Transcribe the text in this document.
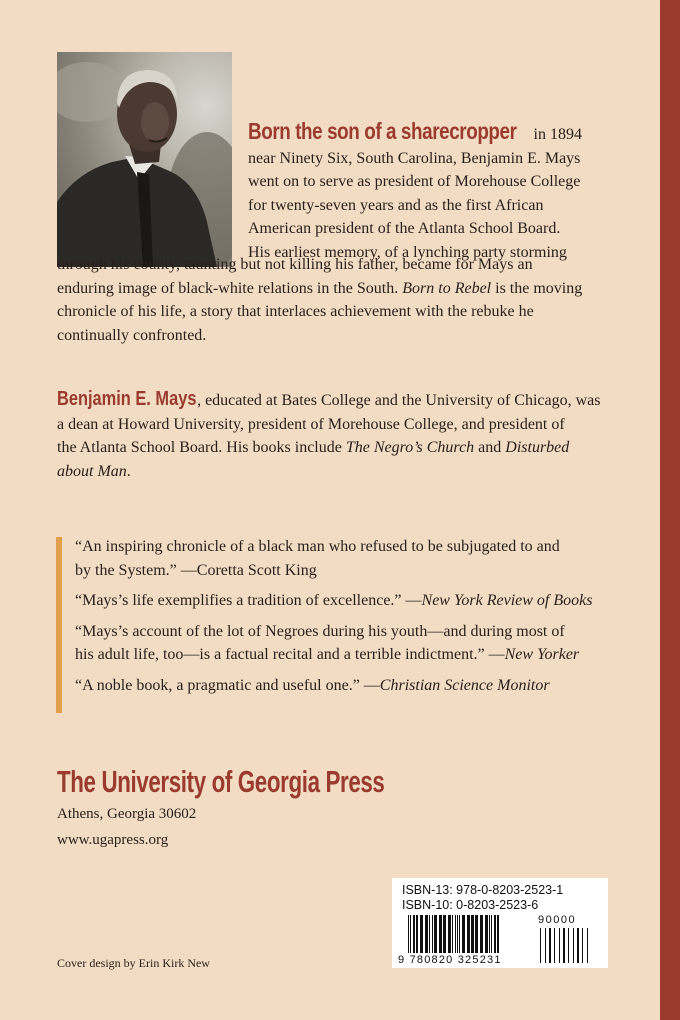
Born the son of a sharecropper in 1894
near Ninety Six, South Carolina, Benjamin E. Mays
went on to serve as president of Morehouse College
for twenty-seven years and as the first African
American president of the Atlanta School Board.
His earliest memory, of a lynching party storming
through his county, taunting but not killing his father, became for Mays an
enduring image of black-white relations in the South. Born to Rebel is the moving
chronicle of his life, a story that interlaces achievement with the rebuke he
continually confronted.
Benjamin E. Mays, educated at Bates College and the University of Chicago, was
a dean at Howard University, president of Morehouse College, and president of
the Atlanta School Board. His books include The Negro’s Church and Disturbed
about Man.
“An inspiring chronicle of a black man who refused to be subjugated to and
by the System.” —Coretta Scott King
“Mays’s life exemplifies a tradition of excellence.” —New York Review of Books
“Mays’s account of the lot of Negroes during his youth—and during most of
his adult life, too—is a factual recital and a terrible indictment.” —New Yorker
“A noble book, a pragmatic and useful one.” —Christian Science Monitor
The University of Georgia Press
Athens, Georgia 30602
www.ugapress.org
Cover design by Erin Kirk New
ISBN-13: 978-0-8203-2523-1
ISBN-10: 0-8203-2523-6
90000
9 780820 325231
